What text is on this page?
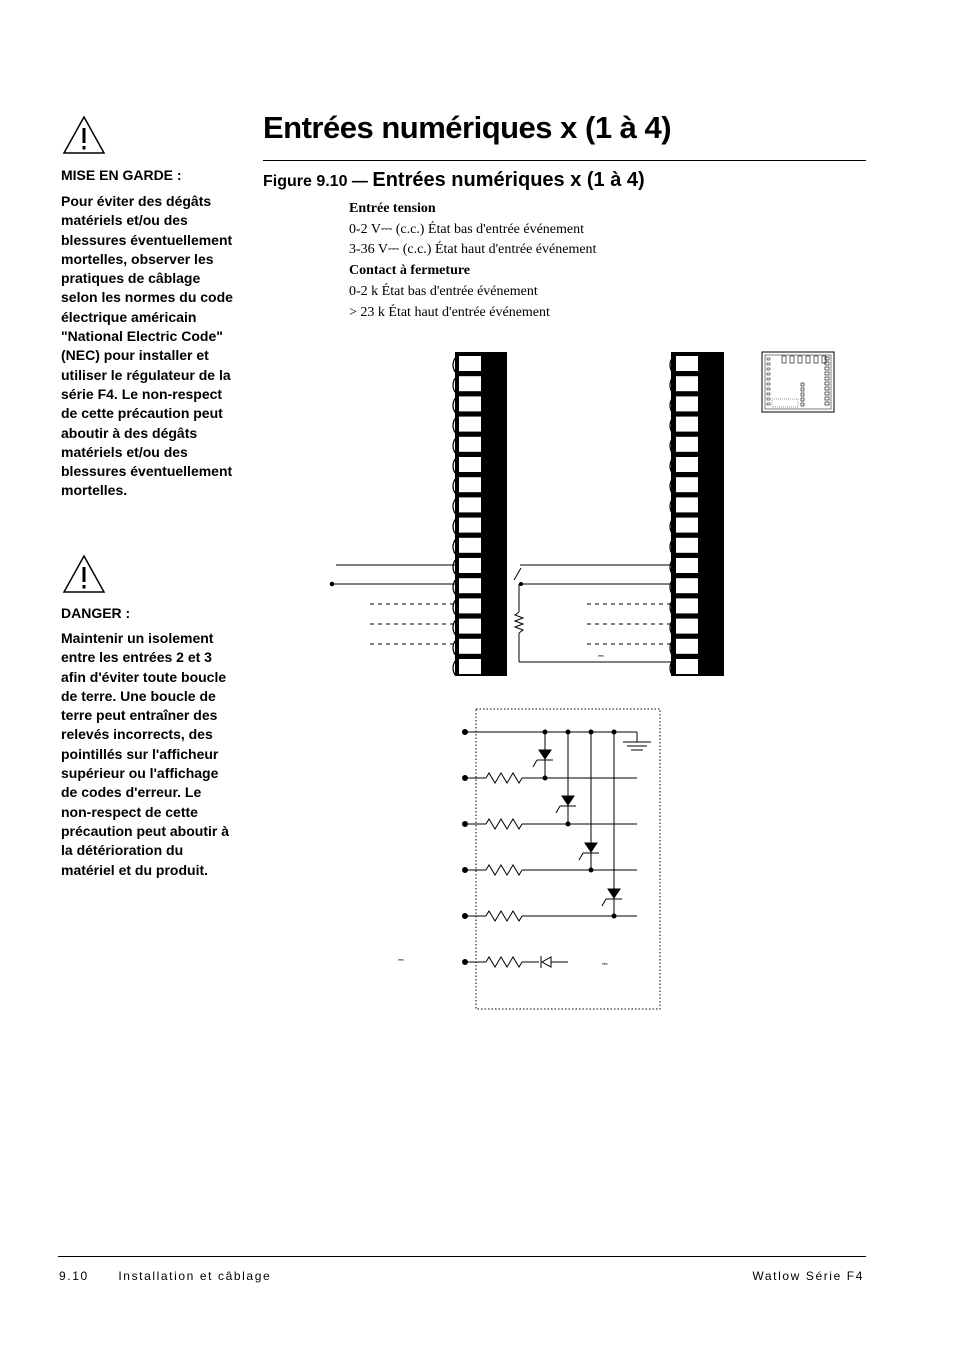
MISE EN GARDE :
Pour éviter des dégâts matériels et/ou des blessures éventuellement mortelles, observer les pratiques de câblage selon les normes du code électrique américain "National Electric Code" (NEC) pour installer et utiliser le régulateur de la série F4. Le non-respect de cette précaution peut aboutir à des dégâts matériels et/ou des blessures éventuellement mortelles.
DANGER :
Maintenir un isolement entre les entrées 2 et 3 afin d'éviter toute boucle de terre. Une boucle de terre peut entraîner des relevés incorrects, des pointillés sur l'afficheur supérieur ou l'affichage de codes d'erreur. Le non-respect de cette précaution peut aboutir à la détérioration du matériel et du produit.
Entrées numériques x (1 à 4)
Figure 9.10 — Entrées numériques x (1 à 4)
Entrée tension
0-2 V⎓ (c.c.) État bas d'entrée événement
3-36 V⎓ (c.c.) État haut d'entrée événement
Contact à fermeture
0-2 k État bas d'entrée événement
> 23 k État haut d'entrée événement
⎓
⎓	⎓
9.10      Installation et câblage	Watlow Série F4
